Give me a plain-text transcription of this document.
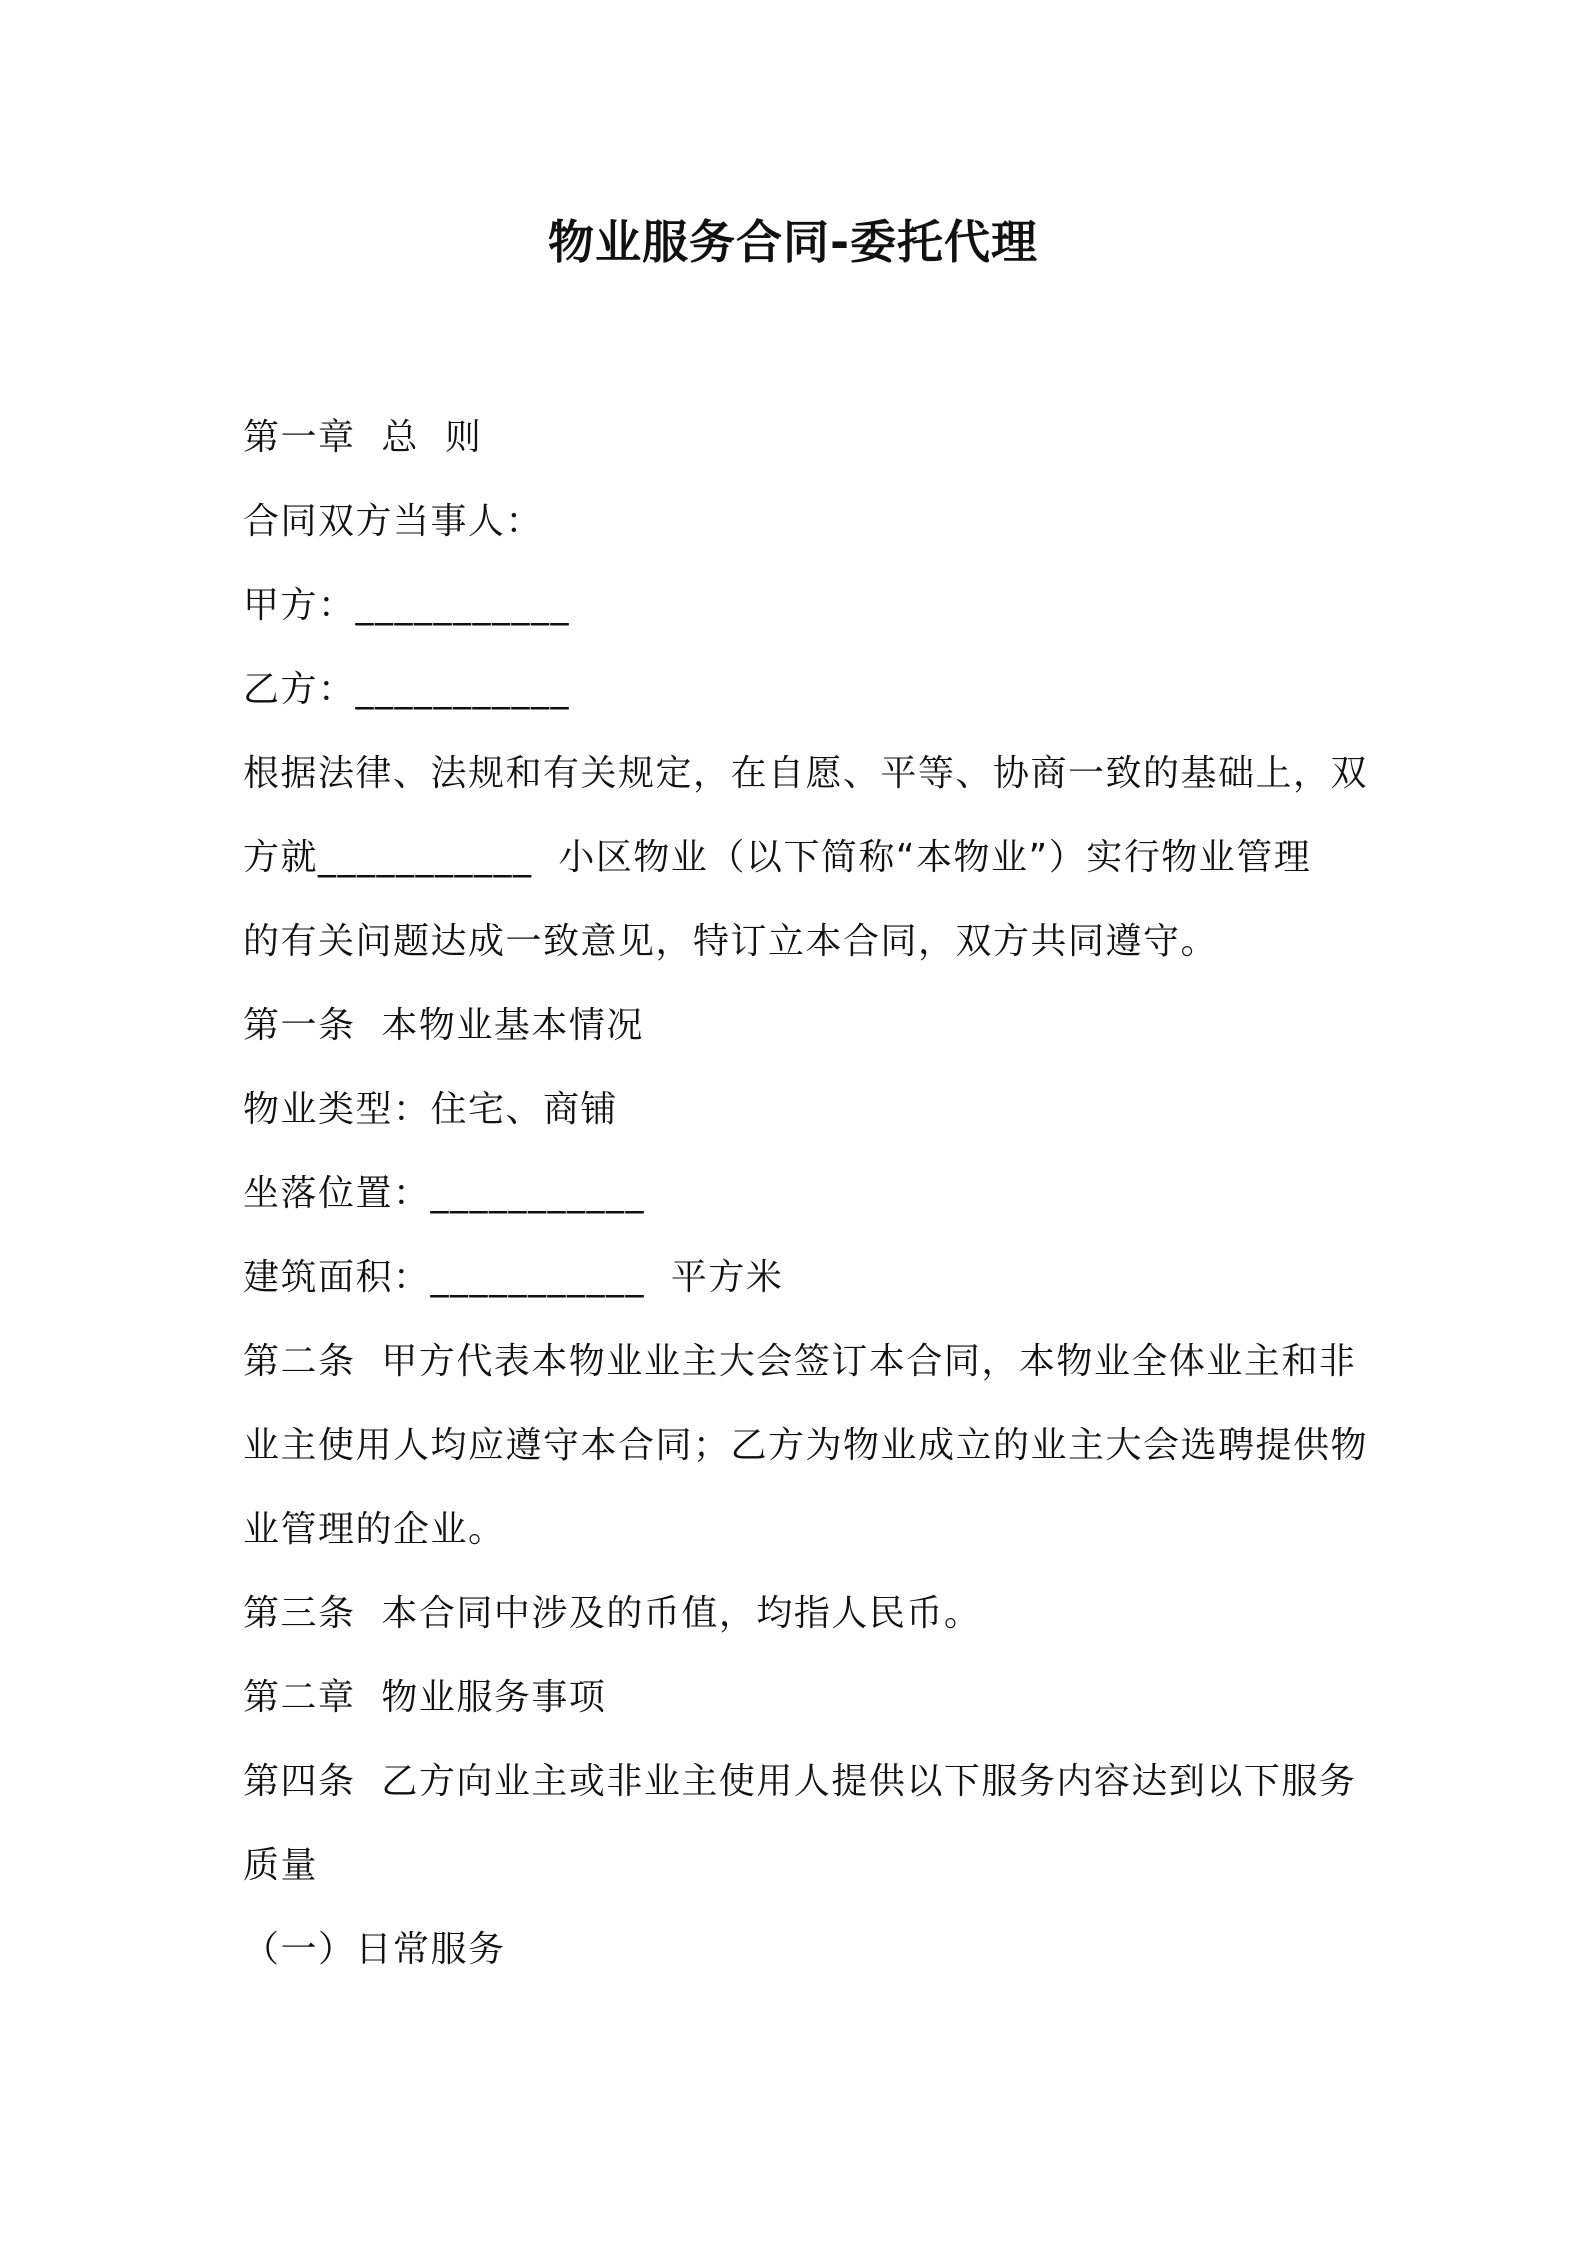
物业服务合同-委托代理

第一章  总  则

合同双方当事人：

甲方：___________

乙方：___________

根据法律、法规和有关规定，在自愿、平等、协商一致的基础上，双

方就___________  小区物业（以下简称“本物业”）实行物业管理

的有关问题达成一致意见，特订立本合同，双方共同遵守。

第一条  本物业基本情况

物业类型：住宅、商铺

坐落位置：___________

建筑面积：___________  平方米

第二条  甲方代表本物业业主大会签订本合同，本物业全体业主和非

业主使用人均应遵守本合同；乙方为物业成立的业主大会选聘提供物

业管理的企业。

第三条  本合同中涉及的币值，均指人民币。

第二章  物业服务事项

第四条  乙方向业主或非业主使用人提供以下服务内容达到以下服务

质量

（一）日常服务
